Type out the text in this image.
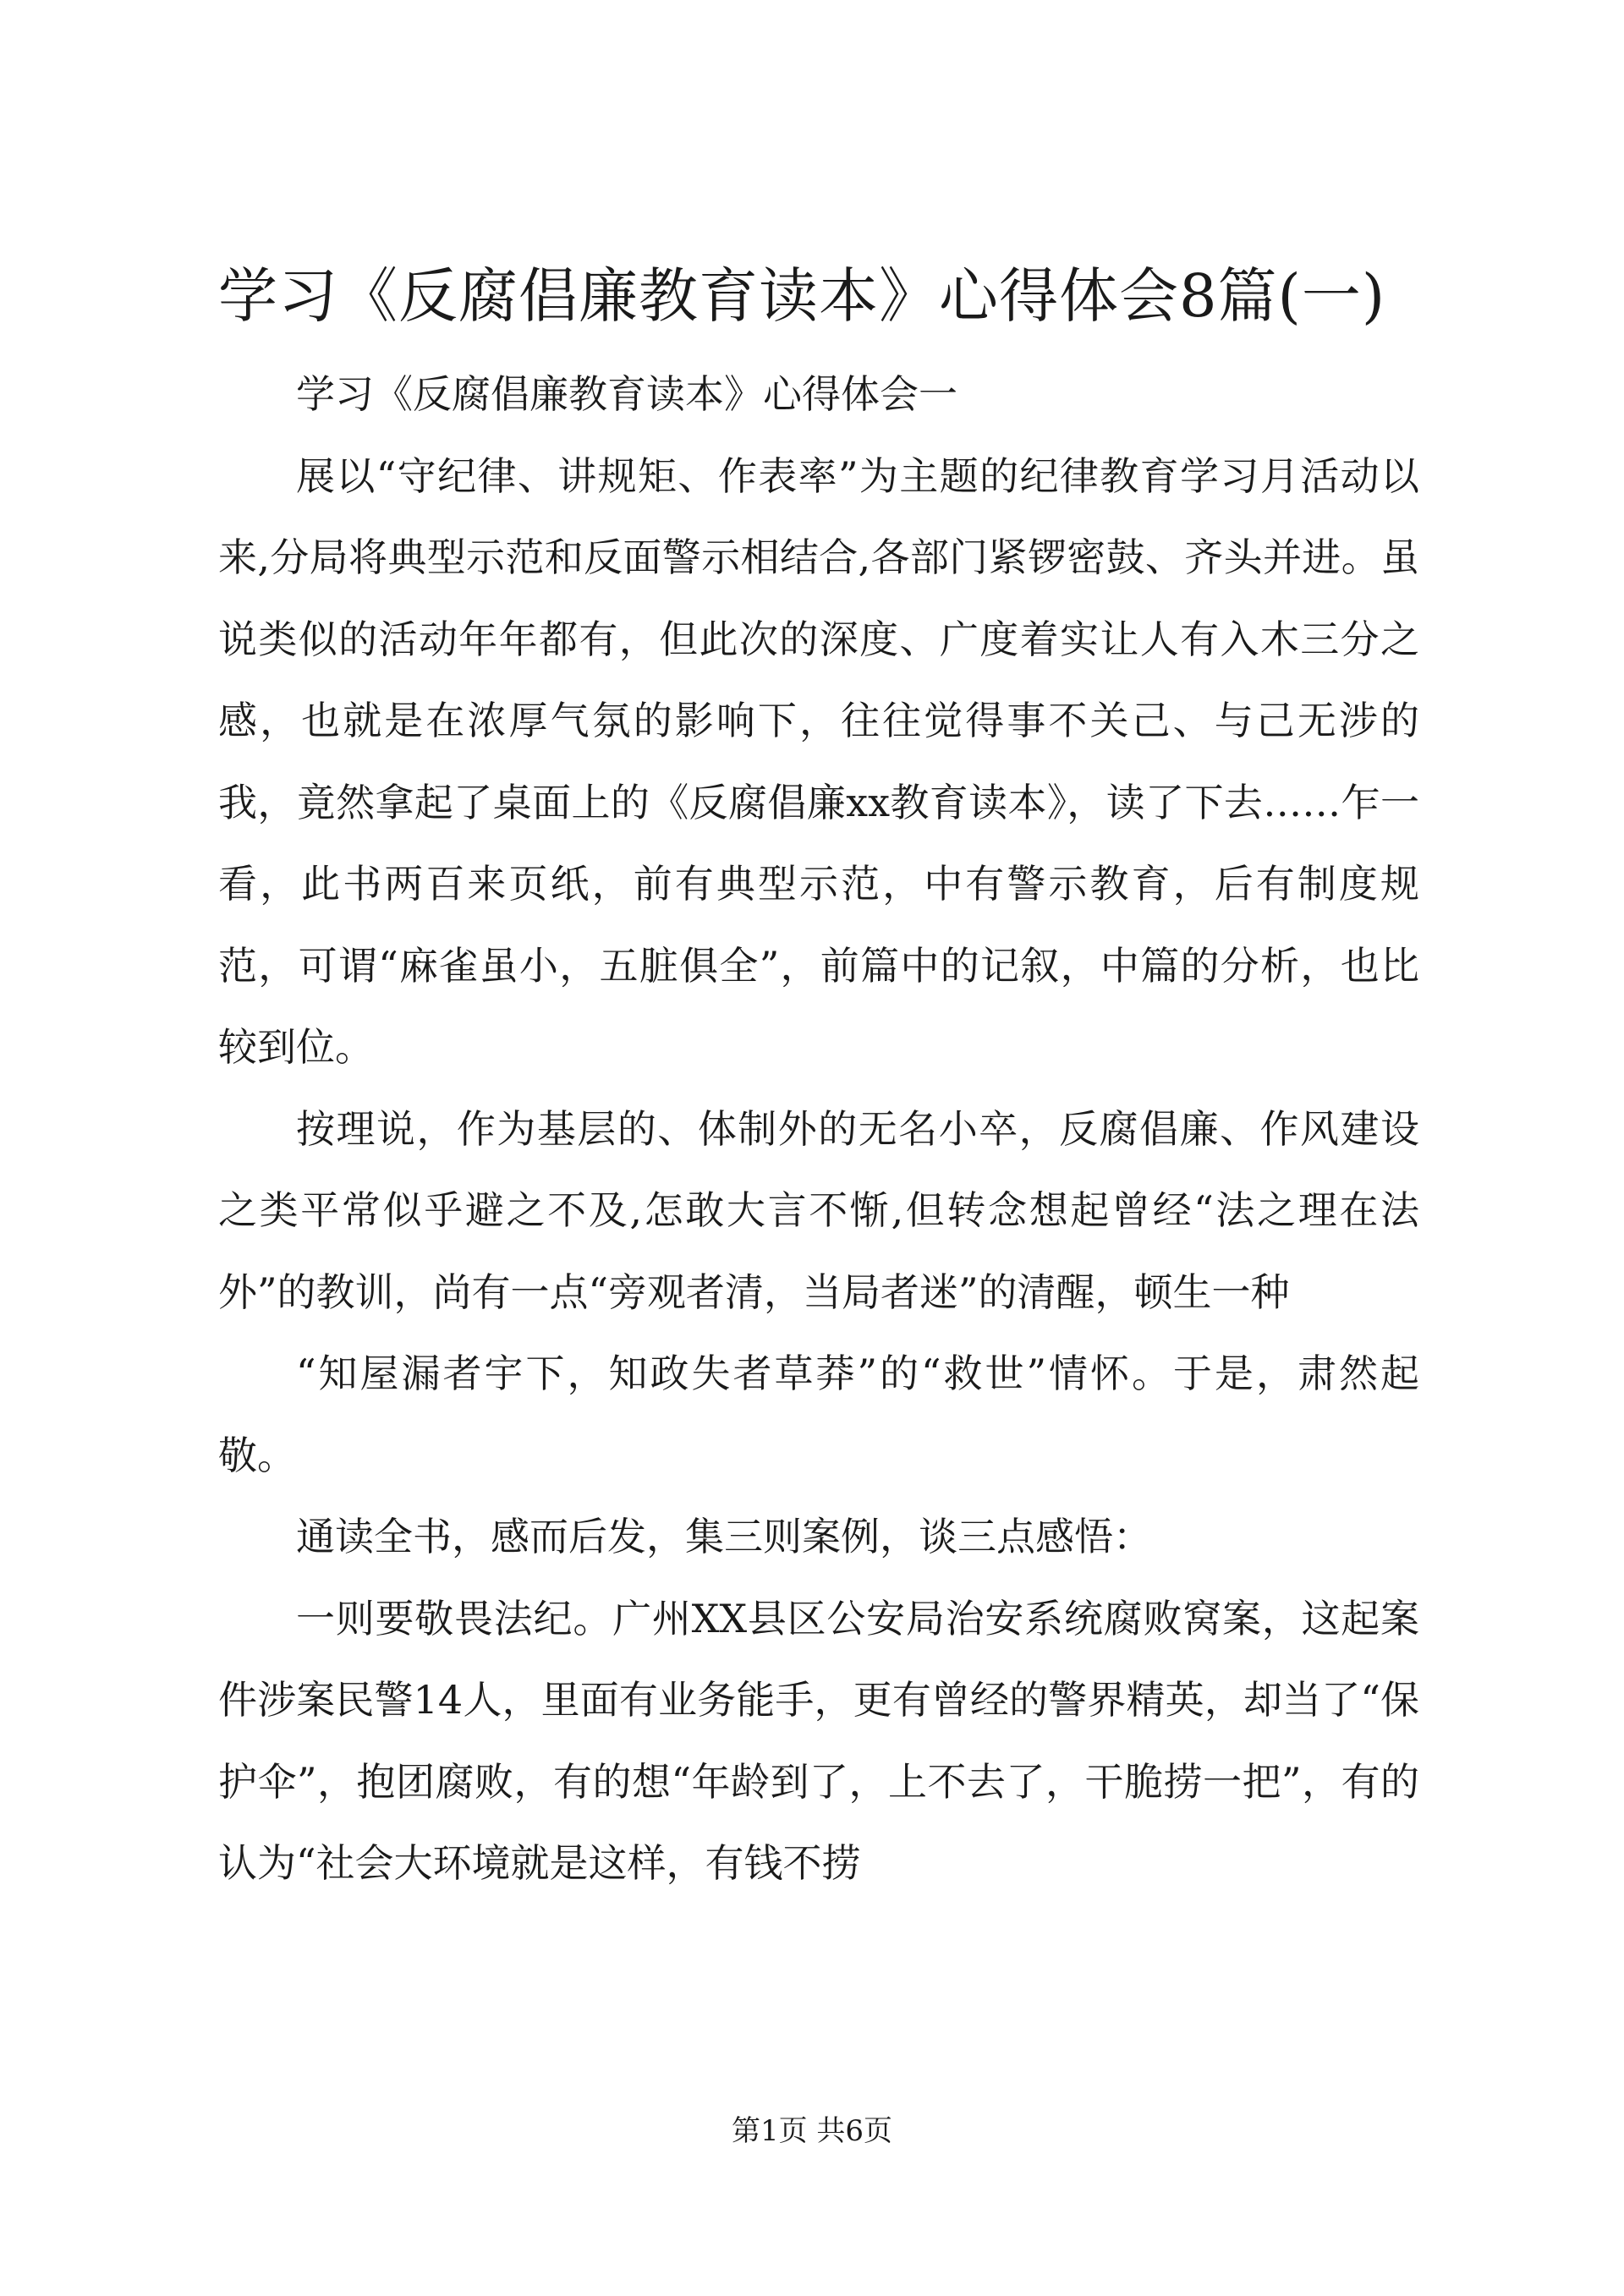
学习《反腐倡廉教育读本》心得体会8篇(一)

学习《反腐倡廉教育读本》心得体会一

展以“守纪律、讲规矩、作表率”为主题的纪律教育学习月活动以来,分局将典型示范和反面警示相结合,各部门紧锣密鼓、齐头并进。虽说类似的活动年年都有，但此次的深度、广度着实让人有入木三分之感，也就是在浓厚气氛的影响下，往往觉得事不关己、与己无涉的我，竟然拿起了桌面上的《反腐倡廉xx教育读本》，读了下去……乍一看，此书两百来页纸，前有典型示范，中有警示教育，后有制度规范，可谓“麻雀虽小，五脏俱全”，前篇中的记叙，中篇的分析，也比较到位。

按理说，作为基层的、体制外的无名小卒，反腐倡廉、作风建设之类平常似乎避之不及,怎敢大言不惭,但转念想起曾经“法之理在法外”的教训，尚有一点“旁观者清，当局者迷”的清醒，顿生一种

“知屋漏者宇下，知政失者草莽”的“救世”情怀。于是，肃然起敬。

通读全书，感而后发，集三则案例，谈三点感悟：

一则要敬畏法纪。广州XX县区公安局治安系统腐败窝案，这起案件涉案民警14人，里面有业务能手，更有曾经的警界精英，却当了“保护伞”，抱团腐败，有的想“年龄到了，上不去了，干脆捞一把”，有的认为“社会大环境就是这样，有钱不捞

第1页 共6页
